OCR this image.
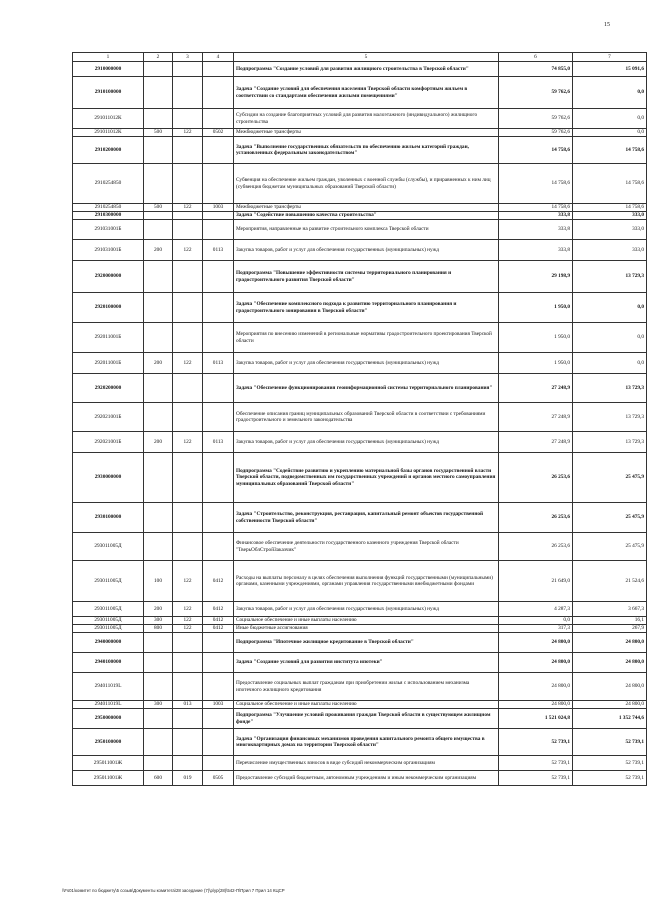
15
1	2	3	4	5	6	7
2910000000				Подпрограмма "Создание условий для развития жилищного строительства в Тверской области"	74 855,0	15 091,6
2910100000				Задача "Создание условий для обеспечения населения Тверской области комфортным жильем в соответствии со стандартами обеспечения жилыми помещениями"	59 762,6	0,0
291011012К				Субсидии на создание благоприятных условий для развития малоэтажного (индивидуального) жилищного строительства	59 762,6	0,0
291011012К	500	122	0502	Межбюджетные трансферты	59 762,6	0,0
2910200000				Задача "Выполнение государственных обязательств по обеспечению жильем категорий граждан, установленных федеральным законодательством"	14 758,6	14 758,6
2910254850				Субвенция на обеспечение жильем граждан, уволенных с военной службы (службы), и приравненных к ним лиц (субвенция бюджетам муниципальных образований Тверской области)	14 758,6	14 758,6
2910254850	500	122	1003	Межбюджетные трансферты	14 758,6	14 758,6
2910300000				Задача "Содействие повышению качества строительства"	333,8	333,0
291031001Б				Мероприятия, направленные на развитие строительного комплекса Тверской области	333,8	333,0
291031001Б	200	122	0113	Закупка товаров, работ и услуг для обеспечения государственных (муниципальных) нужд	333,8	333,0
2920000000				Подпрограмма "Повышение эффективности системы территориального планирования и градостроительного развития Тверской области"	29 198,9	13 729,3
2920100000				Задача "Обеспечение комплексного подхода к развитию территориального планирования и градостроительного зонирования в Тверской области"	1 950,0	0,0
292011001Б				Мероприятия по внесению изменений в региональные нормативы градостроительного проектирования Тверской области	1 950,0	0,0
292011001Б	200	122	0113	Закупка товаров, работ и услуг для обеспечения государственных (муниципальных) нужд	1 950,0	0,0
2920200000				Задача "Обеспечение функционирования геоинформационной системы территориального планирования"	27 248,9	13 729,3
292021001Б				Обеспечение описания границ муниципальных образований Тверской области в соответствии с требованиями градостроительного и земельного законодательства	27 248,9	13 729,3
292021001Б	200	122	0113	Закупка товаров, работ и услуг для обеспечения государственных (муниципальных) нужд	27 248,9	13 729,3
2930000000				Подпрограмма "Содействие развитию и укреплению материальной базы органов государственной власти Тверской области, подведомственных им государственных учреждений и органов местного самоуправления муниципальных образований Тверской области"	26 253,6	25 475,9
2930100000				Задача "Строительство, реконструкция, реставрация, капитальный ремонт объектов государственной собственности Тверской области"	26 253,6	25 475,9
293011005Д				Финансовое обеспечение деятельности государственного казенного учреждения Тверской области "ТверьОблСтройЗаказчик"	26 253,6	25 475,9
293011005Д	100	122	0412	Расходы на выплаты персоналу в целях обеспечения выполнения функций государственными (муниципальными) органами, казенными учреждениями, органами управления государственными внебюджетными фондами	21 649,0	21 524,6
293011005Д	200	122	0412	Закупка товаров, работ и услуг для обеспечения государственных (муниципальных) нужд	4 287,3	3 667,3
293011005Д	300	122	0412	Социальное обеспечение и иные выплаты населению	0,0	16,1
293011005Д	800	122	0412	Иные бюджетные ассигнования	317,3	267,9
2940000000				Подпрограмма "Ипотечное жилищное кредитование в Тверской области"	24 800,0	24 800,0
2940100000				Задача "Создание условий для развития института ипотеки"	24 800,0	24 800,0
294011019L				Предоставление социальных выплат гражданам при приобретении жилья с использованием механизма ипотечного жилищного кредитования	24 800,0	24 800,0
294011019L	300	013	1003	Социальное обеспечение и иные выплаты населению	24 800,0	24 800,0
2950000000				Подпрограмма "Улучшение условий проживания граждан Тверской области в существующем жилищном фонде"	1 521 024,8	1 352 744,6
2950100000				Задача "Организация финансовых механизмов проведения капитального ремонта общего имущества в многоквартирных домах на территории Тверской области"	52 739,1	52 739,1
295011001Ж				Перечисление имущественных взносов в виде субсидий некоммерческим организациям	52 739,1	52 739,1
295011001Ж	600	019	0505	Предоставление субсидий бюджетным, автономным учреждениям и иным некоммерческим организациям	52 739,1	52 739,1
\\Fs01\комитет по бюджету\5 созыв\Документы комитета\28 заседание (7)\р\ур(28)\542-П\Прил 7 Прил 14 КЦСР
